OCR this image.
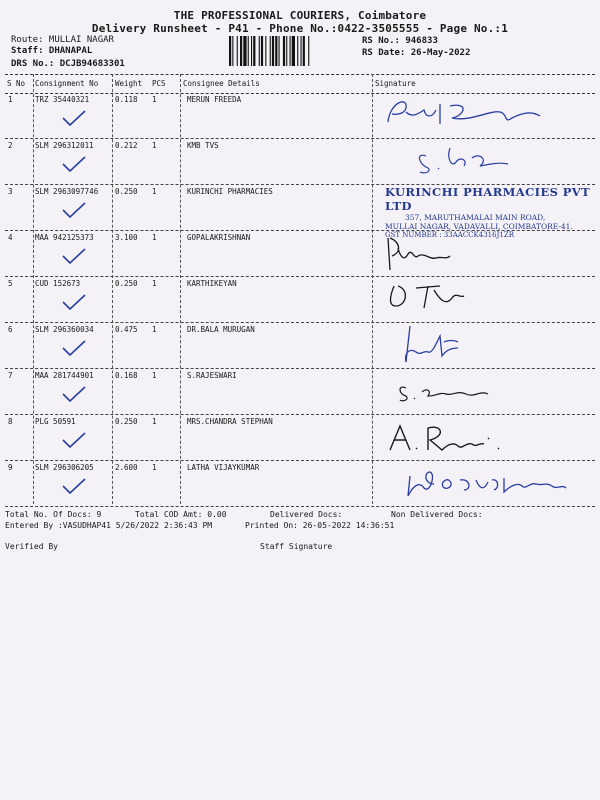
THE PROFESSIONAL COURIERS, Coimbatore
Delivery Runsheet - P41 - Phone No.:0422-3505555 - Page No.:1
Route: MULLAI NAGAR
Staff: DHANAPAL
DRS No.: DCJB94683301
RS No.: 946833
RS Date: 26-May-2022
S No Consignment No Weight PCS Consignee Details	Signature
1	TRZ 35440321	0.118 1	MERUN FREEDA
2	SLM 296312011	0.212 1	KMB TVS
3	SLM 2963097746 0.250 1	KURINCHI PHARMACIES	KURINCHI PHARMACIES PVT LTD
357, MARUTHAMALAI MAIN ROAD,
MULLAI NAGAR, VADAVALLI, COIMBATORE-41.
GST NUMBER : 33AACCK4316J1ZR
4	MAA 942125373	3.100 1	GOPALAKRISHNAN
5	CUD 152673	0.250 1	KARTHIKEYAN
6	SLM 296360034	0.475 1	DR.BALA MURUGAN
7	MAA 281744901	0.168 1	S.RAJESWARI
8	PLG 50591	0.250 1	MRS.CHANDRA STEPHAN
9	SLM 296306205	2.600 1	LATHA VIJAYKUMAR
Total No. Of Docs: 9	Total COD Amt: 0.00	Delivered Docs:	Non Delivered Docs:
Entered By :VASUDHAP41 5/26/2022 2:36:43 PM	Printed On: 26-05-2022 14:36:51
Verified By	Staff Signature
